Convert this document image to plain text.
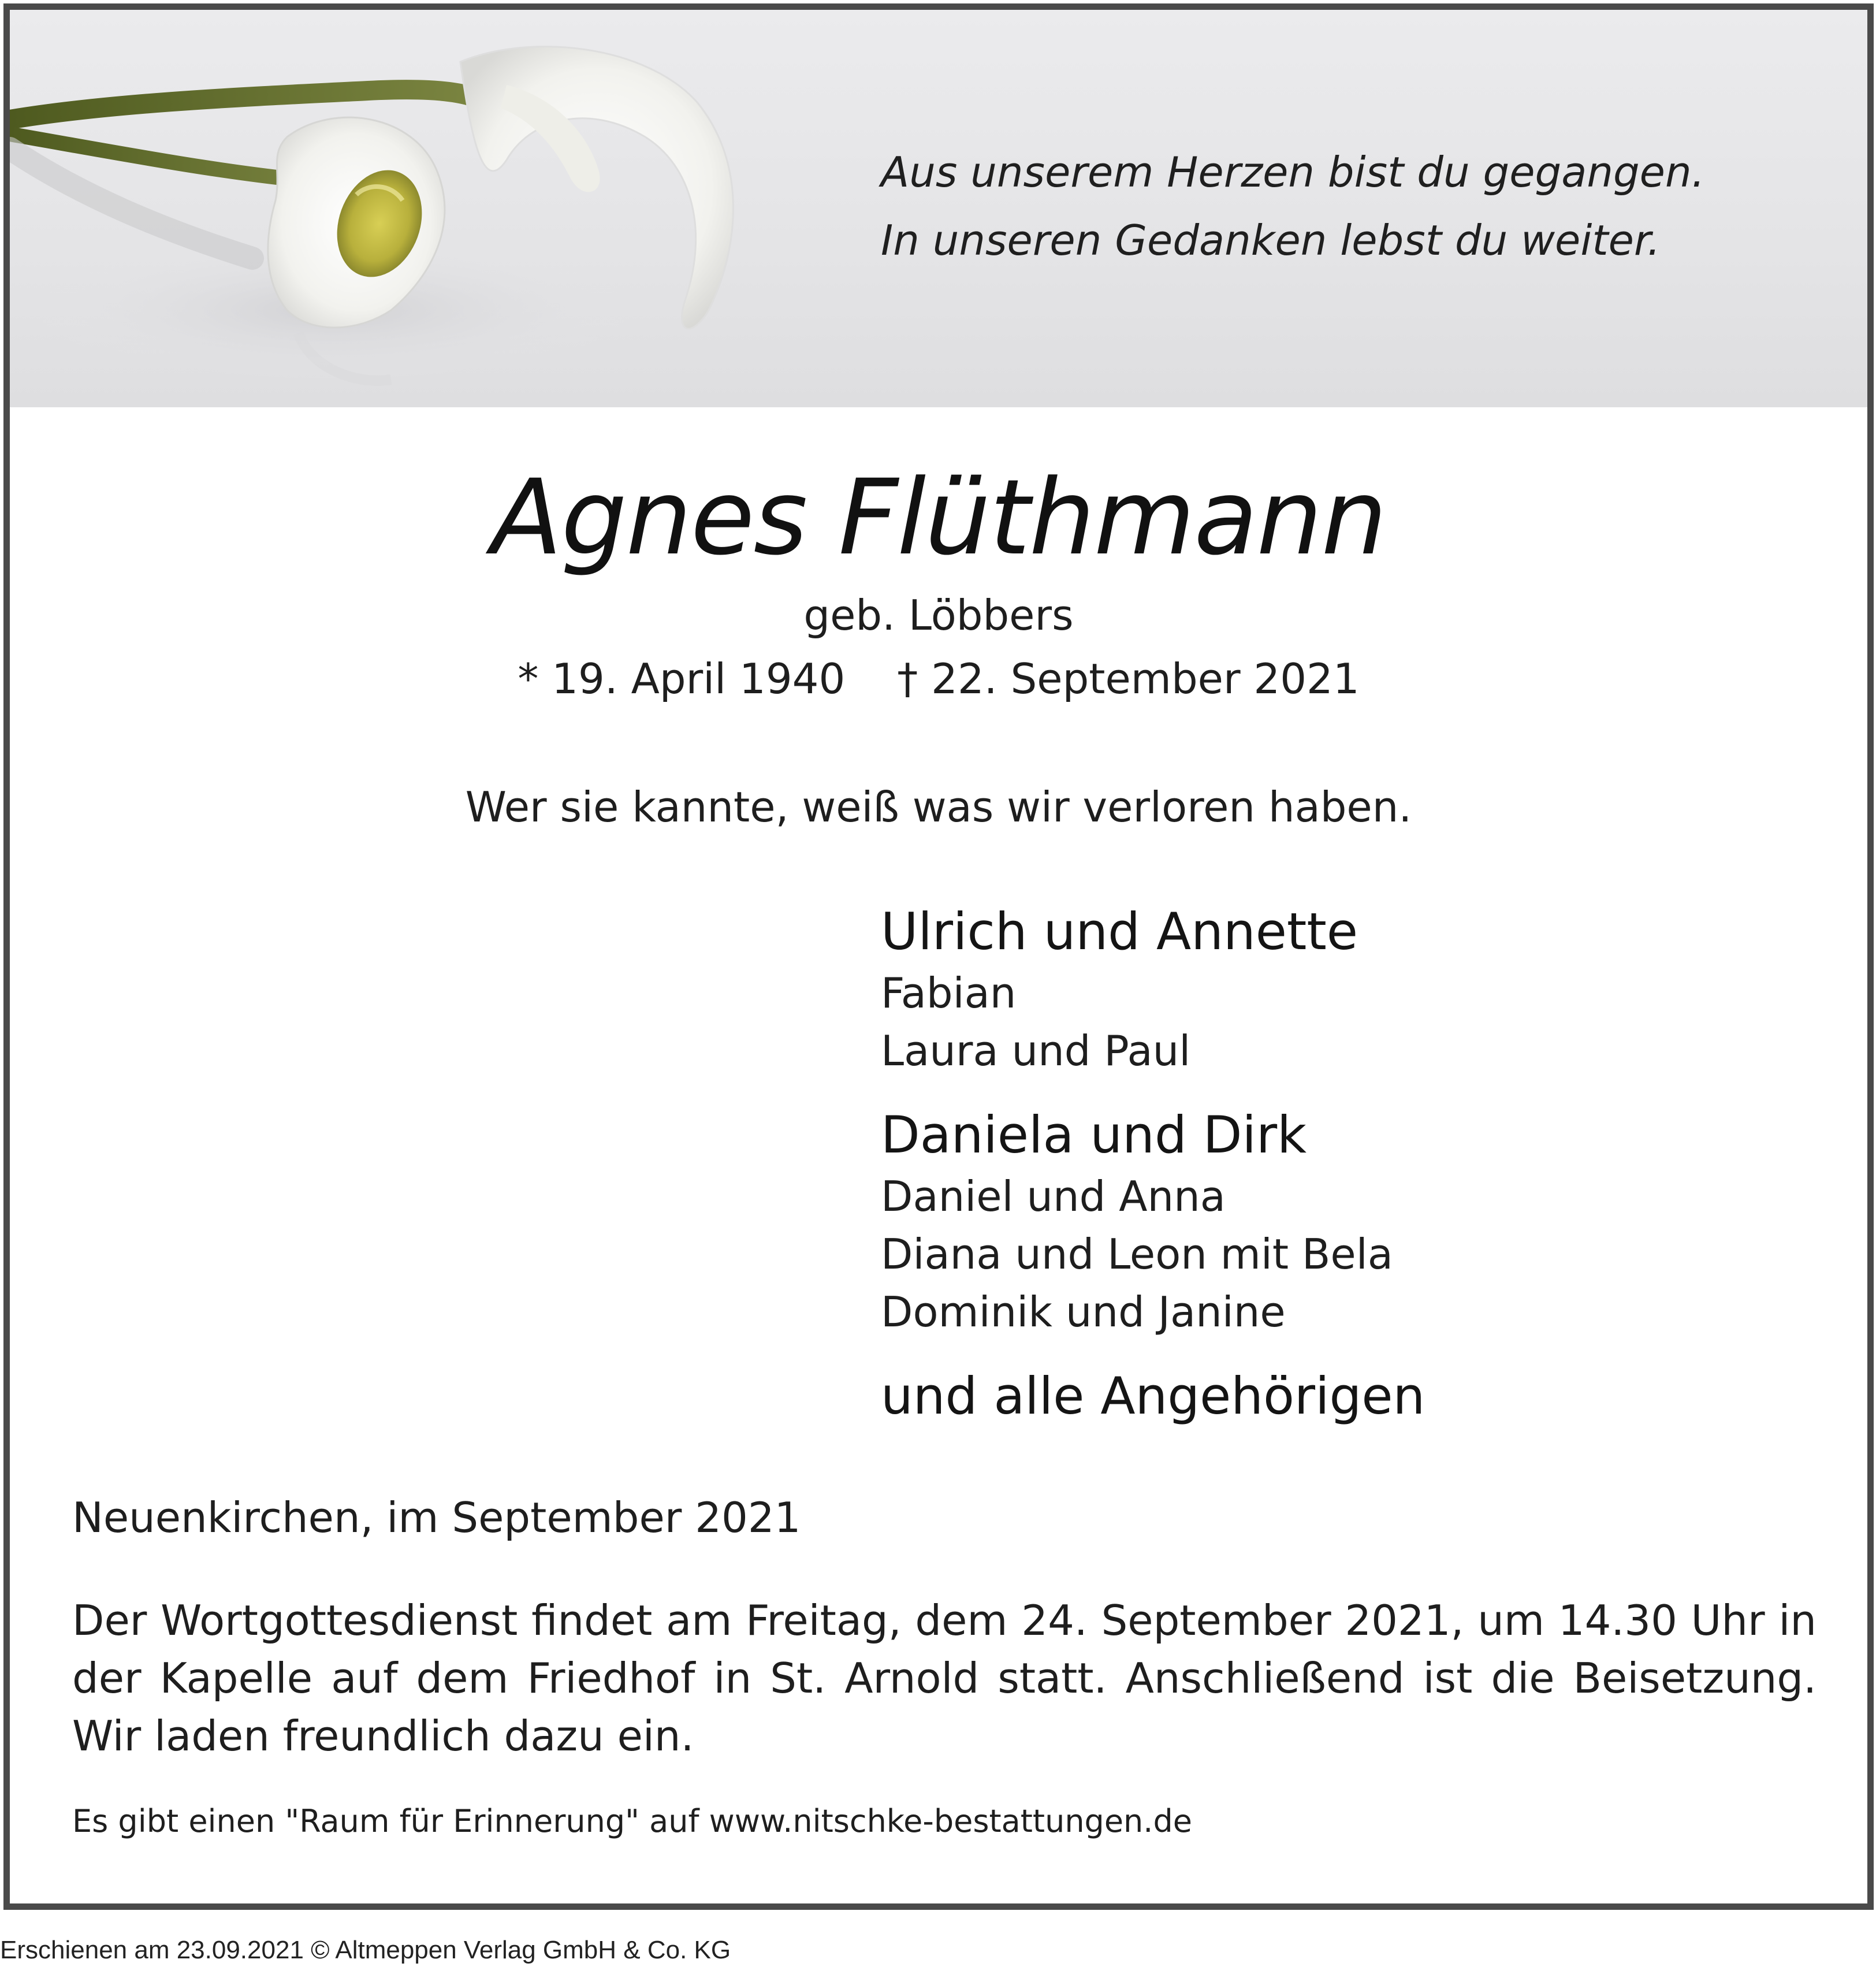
Aus unserem Herzen bist du gegangen.
In unseren Gedanken lebst du weiter.
Agnes Flüthmann
geb. Löbbers
* 19. April 1940 † 22. September 2021
Wer sie kannte, weiß was wir verloren haben.
Ulrich und Annette
Fabian
Laura und Paul
Daniela und Dirk
Daniel und Anna
Diana und Leon mit Bela
Dominik und Janine
und alle Angehörigen
Neuenkirchen, im September 2021
Der Wortgottesdienst findet am Freitag, dem 24. September 2021, um 14.30 Uhr in der Kapelle auf dem Friedhof in St. Arnold statt. Anschließend ist die Beisetzung. Wir laden freundlich dazu ein.
Es gibt einen "Raum für Erinnerung" auf www.nitschke-bestattungen.de
Erschienen am 23.09.2021 © Altmeppen Verlag GmbH & Co. KG
